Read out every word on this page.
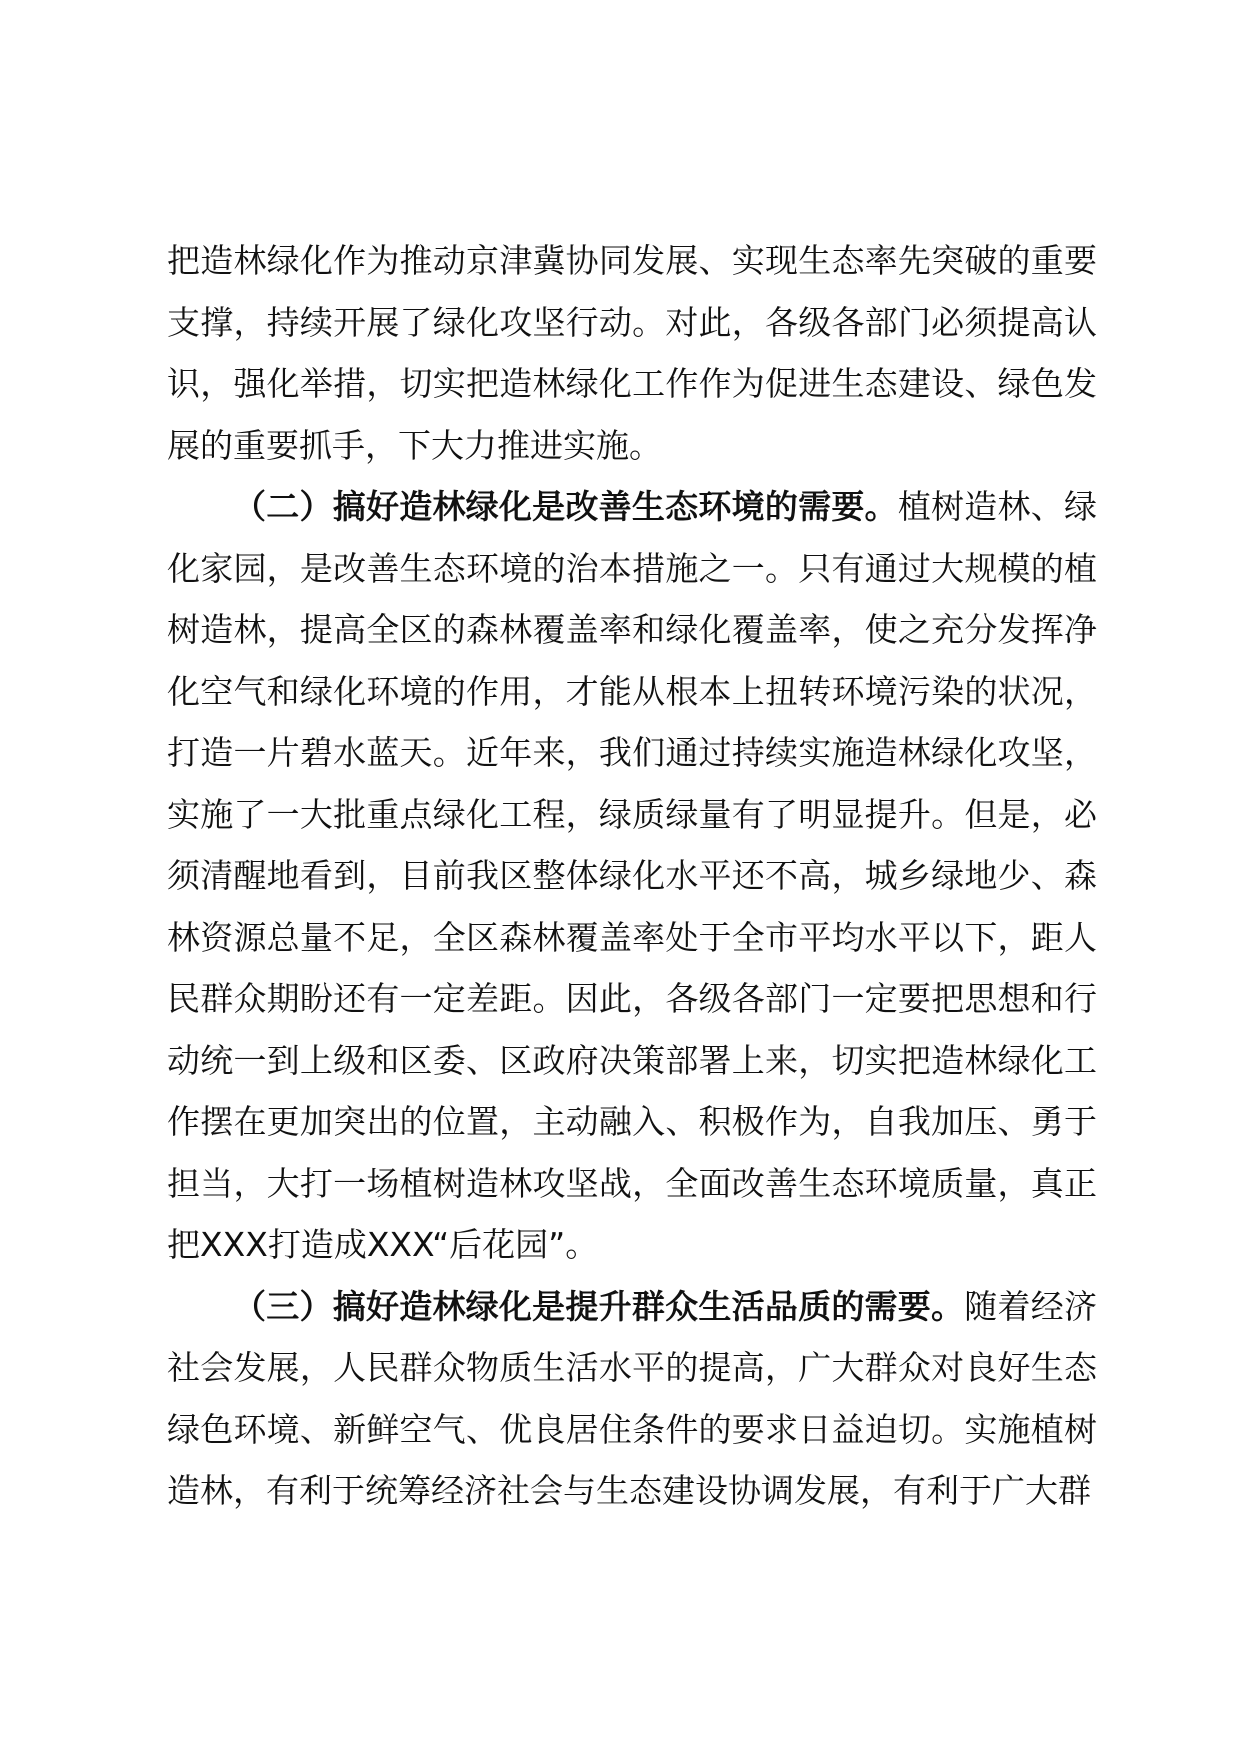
把造林绿化作为推动京津冀协同发展、实现生态率先突破的重要支撑，持续开展了绿化攻坚行动。对此，各级各部门必须提高认识，强化举措，切实把造林绿化工作作为促进生态建设、绿色发展的重要抓手，下大力推进实施。

（二）搞好造林绿化是改善生态环境的需要。植树造林、绿化家园，是改善生态环境的治本措施之一。只有通过大规模的植树造林，提高全区的森林覆盖率和绿化覆盖率，使之充分发挥净化空气和绿化环境的作用，才能从根本上扭转环境污染的状况，打造一片碧水蓝天。近年来，我们通过持续实施造林绿化攻坚，实施了一大批重点绿化工程，绿质绿量有了明显提升。但是，必须清醒地看到，目前我区整体绿化水平还不高，城乡绿地少、森林资源总量不足，全区森林覆盖率处于全市平均水平以下，距人民群众期盼还有一定差距。因此，各级各部门一定要把思想和行动统一到上级和区委、区政府决策部署上来，切实把造林绿化工作摆在更加突出的位置，主动融入、积极作为，自我加压、勇于担当，大打一场植树造林攻坚战，全面改善生态环境质量，真正把XXX打造成XXX“后花园”。

（三）搞好造林绿化是提升群众生活品质的需要。随着经济社会发展，人民群众物质生活水平的提高，广大群众对良好生态绿色环境、新鲜空气、优良居住条件的要求日益迫切。实施植树造林，有利于统筹经济社会与生态建设协调发展，有利于广大群
